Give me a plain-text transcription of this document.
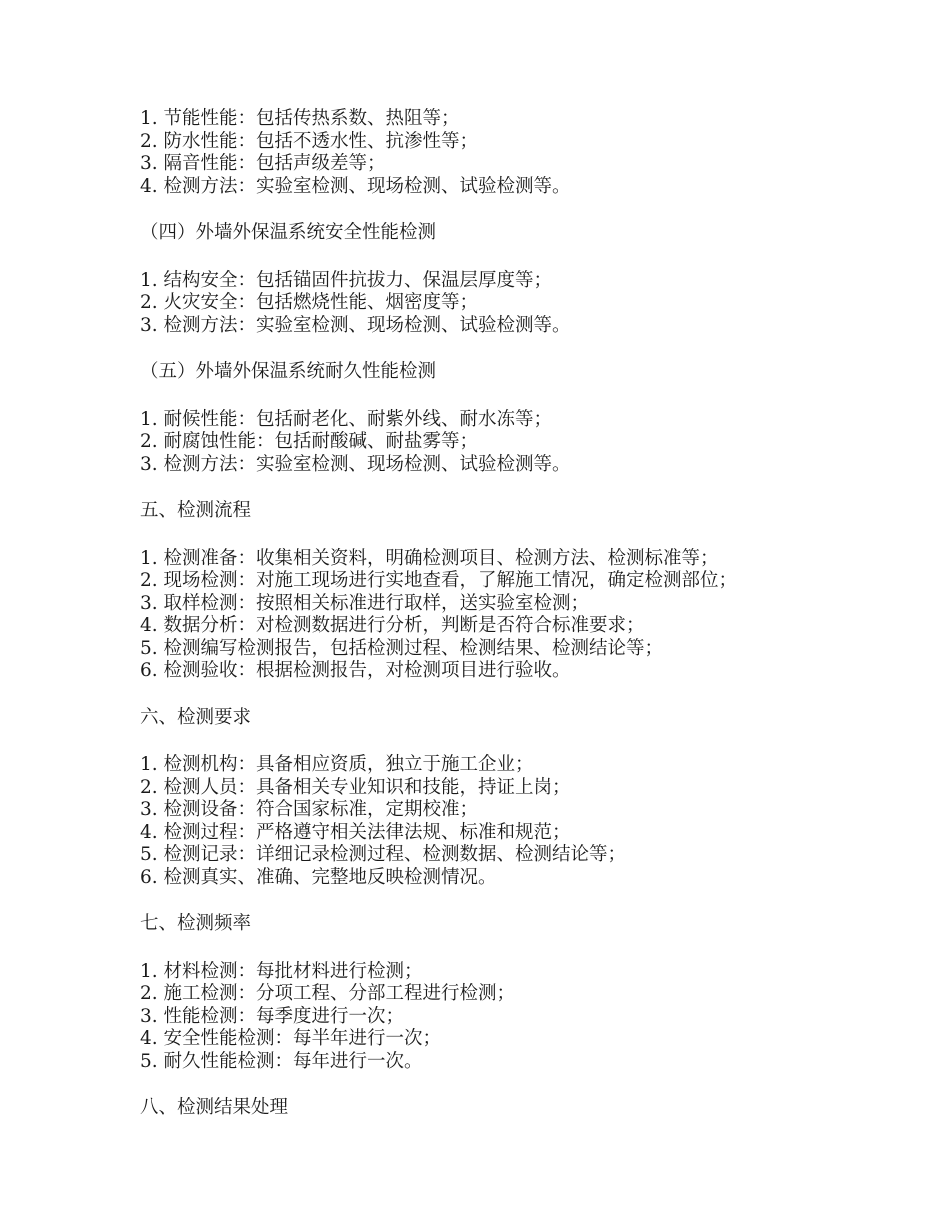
1. 节能性能：包括传热系数、热阻等；
2. 防水性能：包括不透水性、抗渗性等；
3. 隔音性能：包括声级差等；
4. 检测方法：实验室检测、现场检测、试验检测等。
（四）外墙外保温系统安全性能检测
1. 结构安全：包括锚固件抗拔力、保温层厚度等；
2. 火灾安全：包括燃烧性能、烟密度等；
3. 检测方法：实验室检测、现场检测、试验检测等。
（五）外墙外保温系统耐久性能检测
1. 耐候性能：包括耐老化、耐紫外线、耐水冻等；
2. 耐腐蚀性能：包括耐酸碱、耐盐雾等；
3. 检测方法：实验室检测、现场检测、试验检测等。
五、检测流程
1. 检测准备：收集相关资料，明确检测项目、检测方法、检测标准等；
2. 现场检测：对施工现场进行实地查看，了解施工情况，确定检测部位；
3. 取样检测：按照相关标准进行取样，送实验室检测；
4. 数据分析：对检测数据进行分析，判断是否符合标准要求；
5. 检测编写检测报告，包括检测过程、检测结果、检测结论等；
6. 检测验收：根据检测报告，对检测项目进行验收。
六、检测要求
1. 检测机构：具备相应资质，独立于施工企业；
2. 检测人员：具备相关专业知识和技能，持证上岗；
3. 检测设备：符合国家标准，定期校准；
4. 检测过程：严格遵守相关法律法规、标准和规范；
5. 检测记录：详细记录检测过程、检测数据、检测结论等；
6. 检测真实、准确、完整地反映检测情况。
七、检测频率
1. 材料检测：每批材料进行检测；
2. 施工检测：分项工程、分部工程进行检测；
3. 性能检测：每季度进行一次；
4. 安全性能检测：每半年进行一次；
5. 耐久性能检测：每年进行一次。
八、检测结果处理
